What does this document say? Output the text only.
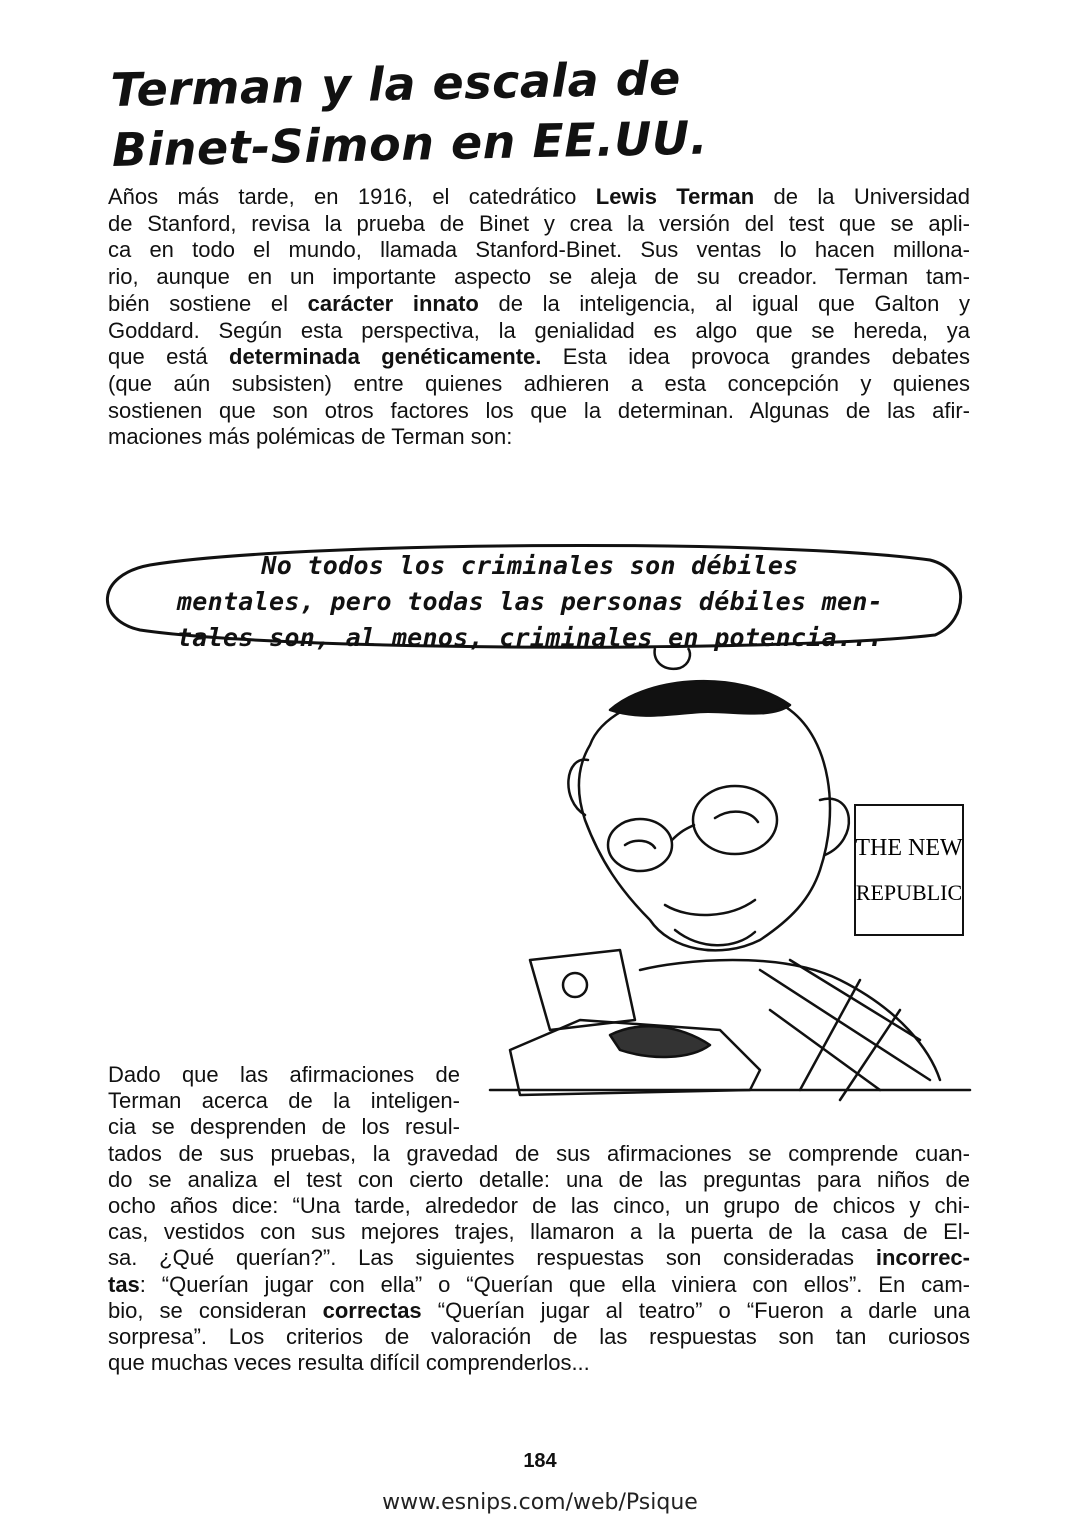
Terman y la escala de
Binet-Simon en EE.UU.
Años más tarde, en 1916, el catedrático Lewis Terman de la Universidad
de Stanford, revisa la prueba de Binet y crea la versión del test que se apli-
ca en todo el mundo, llamada Stanford-Binet. Sus ventas lo hacen millona-
rio, aunque en un importante aspecto se aleja de su creador. Terman tam-
bién sostiene el carácter innato de la inteligencia, al igual que Galton y
Goddard. Según esta perspectiva, la genialidad es algo que se hereda, ya
que está determinada genéticamente. Esta idea provoca grandes debates
(que aún subsisten) entre quienes adhieren a esta concepción y quienes
sostienen que son otros factores los que la determinan. Algunas de las afir-
maciones más polémicas de Terman son:
No todos los criminales son débiles
mentales, pero todas las personas débiles men-
tales son, al menos, criminales en potencia...
THE NEW
REPUBLIC
Dado que las afirmaciones de
Terman acerca de la inteligen-
cia se desprenden de los resul-
tados de sus pruebas, la gravedad de sus afirmaciones se comprende cuan-
do se analiza el test con cierto detalle: una de las preguntas para niños de
ocho años dice: “Una tarde, alrededor de las cinco, un grupo de chicos y chi-
cas, vestidos con sus mejores trajes, llamaron a la puerta de la casa de El-
sa. ¿Qué querían?”. Las siguientes respuestas son consideradas incorrec-
tas: “Querían jugar con ella” o “Querían que ella viniera con ellos”. En cam-
bio, se consideran correctas “Querían jugar al teatro” o “Fueron a darle una
sorpresa”. Los criterios de valoración de las respuestas son tan curiosos
que muchas veces resulta difícil comprenderlos...
184
www.esnips.com/web/Psique
